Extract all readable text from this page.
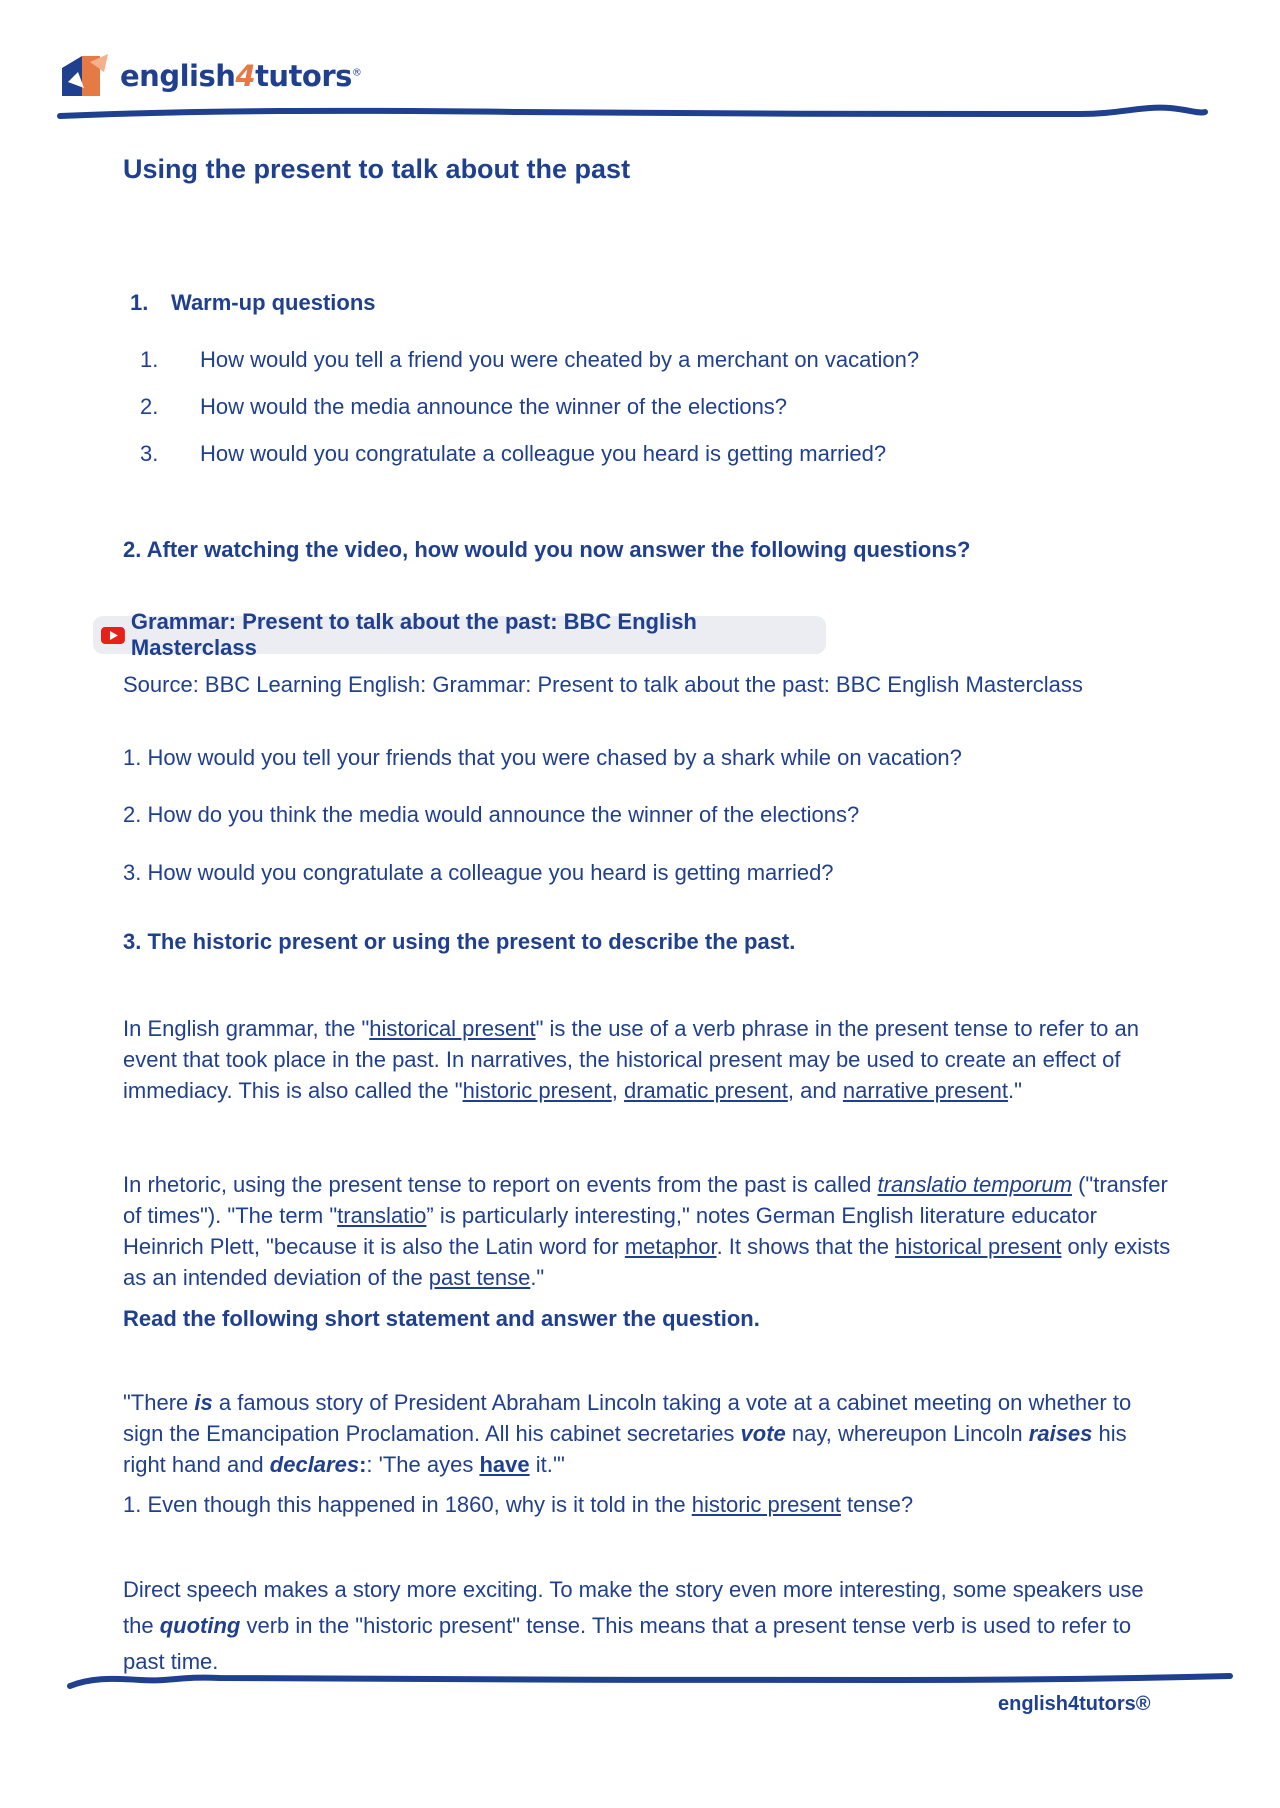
english4tutors®
Using the present to talk about the past
1. Warm-up questions
1. How would you tell a friend you were cheated by a merchant on vacation?
2. How would the media announce the winner of the elections?
3. How would you congratulate a colleague you heard is getting married?
2. After watching the video, how would you now answer the following questions?
Grammar: Present to talk about the past: BBC English Masterclass
Source: BBC Learning English: Grammar: Present to talk about the past: BBC English Masterclass
1. How would you tell your friends that you were chased by a shark while on vacation?
2. How do you think the media would announce the winner of the elections?
3. How would you congratulate a colleague you heard is getting married?
3. The historic present or using the present to describe the past.

In English grammar, the "historical present" is the use of a verb phrase in the present tense to refer to an event that took place in the past. In narratives, the historical present may be used to create an effect of immediacy. This is also called the "historic present, dramatic present, and narrative present."

In rhetoric, using the present tense to report on events from the past is called translatio temporum ("transfer of times"). "The term "translatio” is particularly interesting," notes German English literature educator Heinrich Plett, "because it is also the Latin word for metaphor. It shows that the historical present only exists as an intended deviation of the past tense."

Read the following short statement and answer the question.

"There is a famous story of President Abraham Lincoln taking a vote at a cabinet meeting on whether to sign the Emancipation Proclamation. All his cabinet secretaries vote nay, whereupon Lincoln raises his right hand and declares:: 'The ayes have it.'"

1. Even though this happened in 1860, why is it told in the historic present tense?

Direct speech makes a story more exciting. To make the story even more interesting, some speakers use the quoting verb in the "historic present" tense. This means that a present tense verb is used to refer to past time.

english4tutors®
